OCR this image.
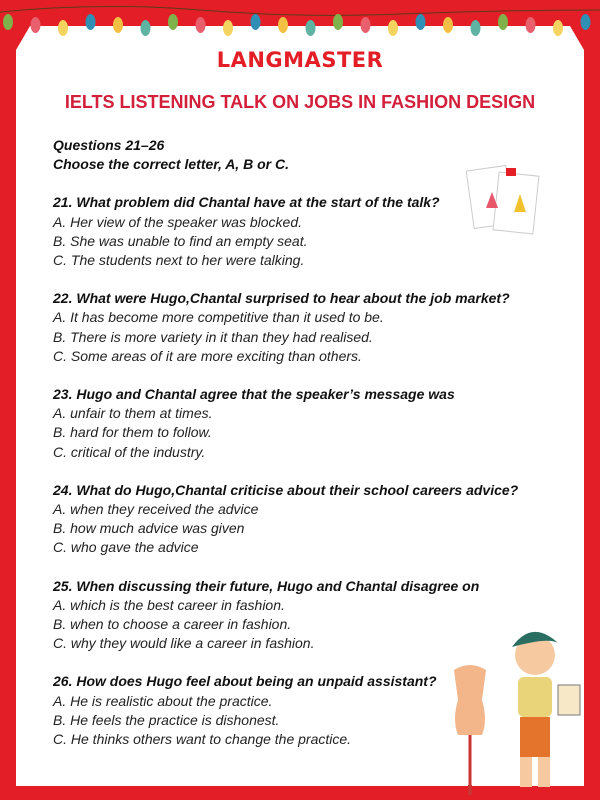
LANGMASTER
IELTS LISTENING TALK ON JOBS IN FASHION DESIGN
Questions 21–26
Choose the correct letter, A, B or C.
21. What problem did Chantal have at the start of the talk?
A. Her view of the speaker was blocked.
B. She was unable to find an empty seat.
C. The students next to her were talking.
22. What were Hugo,Chantal surprised to hear about the job market?
A. It has become more competitive than it used to be.
B. There is more variety in it than they had realised.
C. Some areas of it are more exciting than others.
23. Hugo and Chantal agree that the speaker’s message was
A. unfair to them at times.
B. hard for them to follow.
C. critical of the industry.
24. What do Hugo,Chantal criticise about their school careers advice?
A. when they received the advice
B. how much advice was given
C. who gave the advice
25. When discussing their future, Hugo and Chantal disagree on
A. which is the best career in fashion.
B. when to choose a career in fashion.
C. why they would like a career in fashion.
26. How does Hugo feel about being an unpaid assistant?
A. He is realistic about the practice.
B. He feels the practice is dishonest.
C. He thinks others want to change the practice.
